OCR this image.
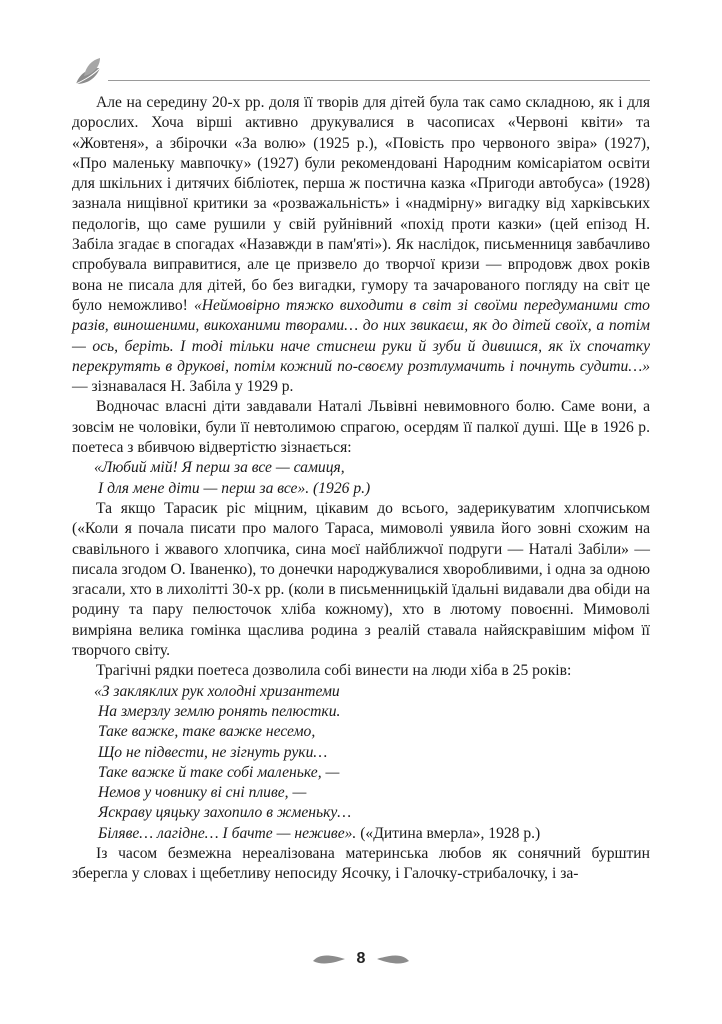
Але на середину 20-х рр. доля її творів для дітей була так само складною, як і для дорослих. Хоча вірші активно друкувалися в часописах «Червоні квіти» та «Жовтеня», а збірочки «За волю» (1925 р.), «Повість про червоного звіра» (1927), «Про маленьку мавпочку» (1927) були рекомендовані Народним комісаріатом освіти для шкільних і дитячих бібліотек, перша ж постична казка «Пригоди автобуса» (1928) зазнала нищівної критики за «розважальність» і «надмірну» вигадку від харківських педологів, що саме рушили у свій руйнівний «похід проти казки» (цей епізод Н. Забіла згадає в спогадах «Назавжди в пам'яті»). Як наслідок, письменниця завбачливо спробувала виправитися, але це призвело до творчої кризи — впродовж двох років вона не писала для дітей, бо без вигадки, гумору та зачарованого погляду на світ це було неможливо! «Неймовірно тяжко виходити в світ зі своїми передуманими сто разів, виношеними, викоханими творами… до них звикаєш, як до дітей своїх, а потім — ось, беріть. І тоді тільки наче стиснеш руки й зуби й дивишся, як їх спочатку перекрутять в друкові, потім кожний по-своєму розтлумачить і почнуть судити…» — зізнавалася Н. Забіла у 1929 р.

Водночас власні діти завдавали Наталі Львівні невимовного болю. Саме вони, а зовсім не чоловіки, були її невтолимою спрагою, осердям її палкої душі. Ще в 1926 р. поетеса з вбивчою відвертістю зізнається:

«Любий мій! Я перш за все — самиця,
І для мене діти — перш за все». (1926 р.)

Та якщо Тарасик ріс міцним, цікавим до всього, задерикуватим хлопчиськом («Коли я почала писати про малого Тараса, мимоволі уявила його зовні схожим на свавільного і жвавого хлопчика, сина моєї найближчої подруги — Наталі Забіли» — писала згодом О. Іваненко), то донечки народжувалися хворобливими, і одна за одною згасали, хто в лихолітті 30-х рр. (коли в письменницькій їдальні видавали два обіди на родину та пару пелюсточок хліба кожному), хто в лютому повоєнні. Мимоволі вимріяна велика гомінка щаслива родина з реалій ставала найяскравішим міфом її творчого світу.

Трагічні рядки поетеса дозволила собі винести на люди хіба в 25 років:

«З закляклих рук холодні хризантеми
На змерзлу землю ронять пелюстки.
Таке важке, таке важке несемо,
Що не підвести, не зігнуть руки…
Таке важке й таке собі маленьке, —
Немов у човнику ві сні пливе, —
Яскраву цяцьку захопило в жменьку…
Біляве… лагідне… І бачте — неживе». («Дитина вмерла», 1928 р.)

Із часом безмежна нереалізована материнська любов як сонячний бурштин зберегла у словах і щебетливу непосиду Ясочку, і Галочку-стрибалочку, і за-

8
